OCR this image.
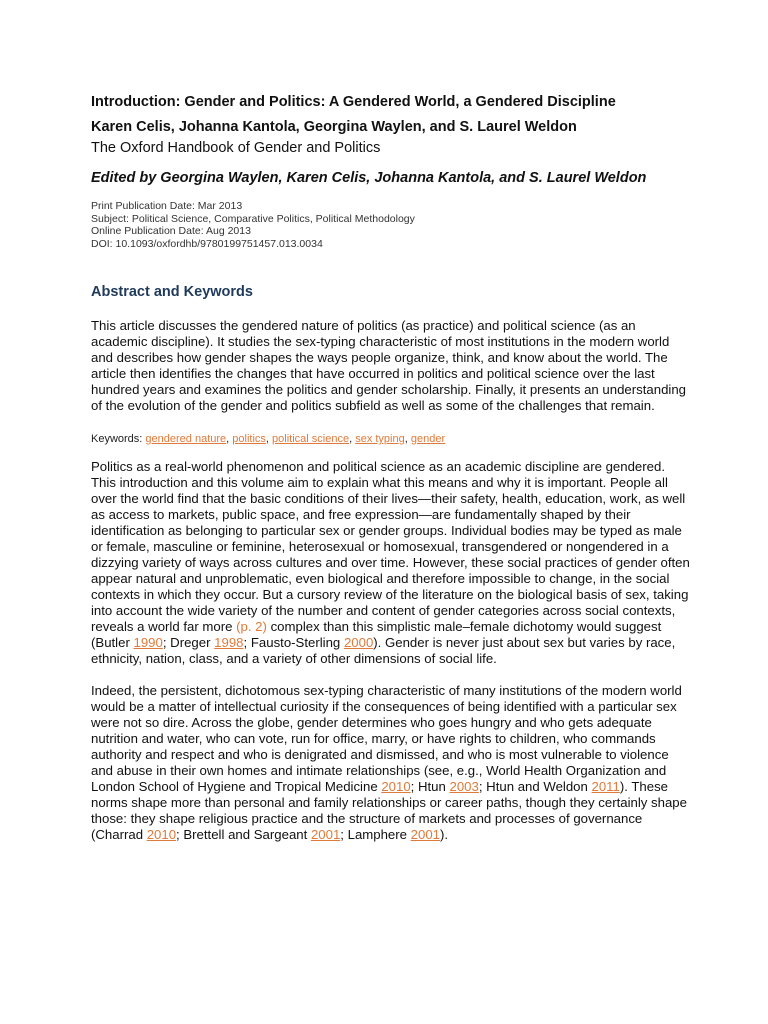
Introduction: Gender and Politics: A Gendered World, a Gendered Discipline
Karen Celis, Johanna Kantola, Georgina Waylen, and S. Laurel Weldon
The Oxford Handbook of Gender and Politics
Edited by Georgina Waylen, Karen Celis, Johanna Kantola, and S. Laurel Weldon
Print Publication Date: Mar 2013
Subject: Political Science, Comparative Politics, Political Methodology
Online Publication Date: Aug 2013
DOI: 10.1093/oxfordhb/9780199751457.013.0034
Abstract and Keywords

This article discusses the gendered nature of politics (as practice) and political science (as an academic discipline). It studies the sex-typing characteristic of most institutions in the modern world and describes how gender shapes the ways people organize, think, and know about the world. The article then identifies the changes that have occurred in politics and political science over the last hundred years and examines the politics and gender scholarship. Finally, it presents an understanding of the evolution of the gender and politics subfield as well as some of the challenges that remain.

Keywords: gendered nature, politics, political science, sex typing, gender

Politics as a real-world phenomenon and political science as an academic discipline are gendered. This introduction and this volume aim to explain what this means and why it is important. People all over the world find that the basic conditions of their lives—their safety, health, education, work, as well as access to markets, public space, and free expression—are fundamentally shaped by their identification as belonging to particular sex or gender groups. Individual bodies may be typed as male or female, masculine or feminine, heterosexual or homosexual, transgendered or nongendered in a dizzying variety of ways across cultures and over time. However, these social practices of gender often appear natural and unproblematic, even biological and therefore impossible to change, in the social contexts in which they occur. But a cursory review of the literature on the biological basis of sex, taking into account the wide variety of the number and content of gender categories across social contexts, reveals a world far more (p. 2) complex than this simplistic male–female dichotomy would suggest (Butler 1990; Dreger 1998; Fausto-Sterling 2000). Gender is never just about sex but varies by race, ethnicity, nation, class, and a variety of other dimensions of social life.

Indeed, the persistent, dichotomous sex-typing characteristic of many institutions of the modern world would be a matter of intellectual curiosity if the consequences of being identified with a particular sex were not so dire. Across the globe, gender determines who goes hungry and who gets adequate nutrition and water, who can vote, run for office, marry, or have rights to children, who commands authority and respect and who is denigrated and dismissed, and who is most vulnerable to violence and abuse in their own homes and intimate relationships (see, e.g., World Health Organization and London School of Hygiene and Tropical Medicine 2010; Htun 2003; Htun and Weldon 2011). These norms shape more than personal and family relationships or career paths, though they certainly shape those: they shape religious practice and the structure of markets and processes of governance (Charrad 2010; Brettell and Sargeant 2001; Lamphere 2001).
